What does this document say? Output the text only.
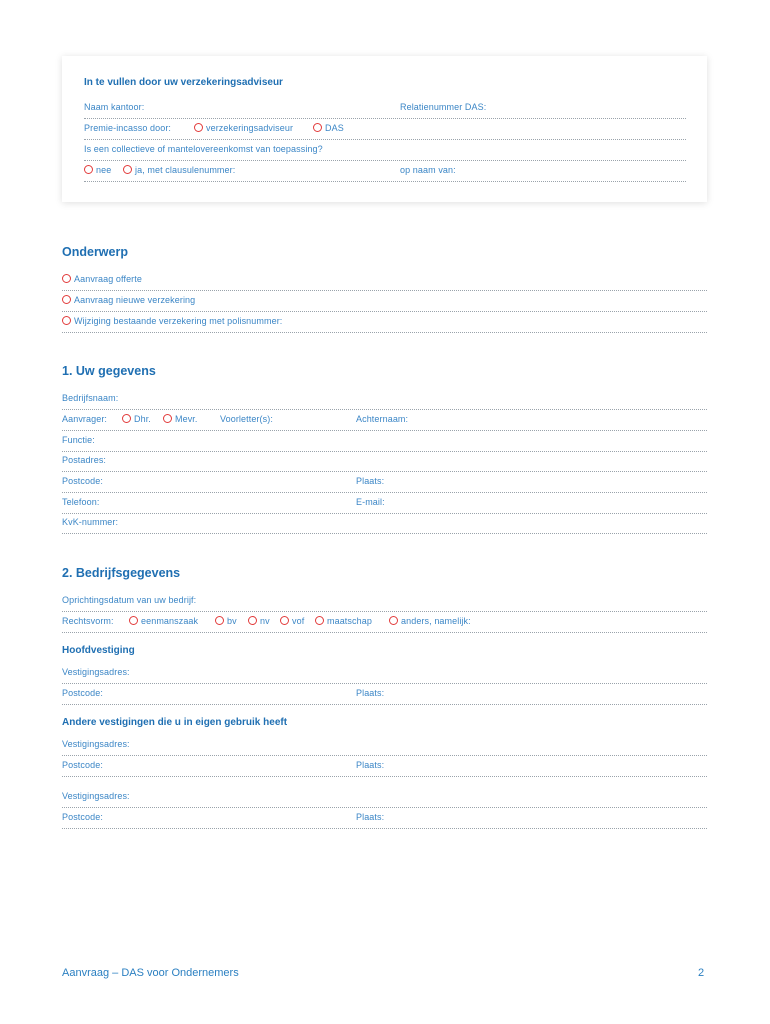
In te vullen door uw verzekeringsadviseur
Naam kantoor:	Relatienummer DAS:
Premie-incasso door:	verzekeringsadviseur	DAS
Is een collectieve of mantelovereenkomst van toepassing?
nee	ja, met clausulenummer:	op naam van:
Onderwerp
Aanvraag offerte
Aanvraag nieuwe verzekering
Wijziging bestaande verzekering met polisnummer:
1. Uw gegevens
Bedrijfsnaam:
Aanvrager:	Dhr.	Mevr. Voorletter(s):	Achternaam:
Functie:
Postadres:
Postcode:	Plaats:
Telefoon:	E-mail:
KvK-nummer:
2. Bedrijfsgegevens
Oprichtingsdatum van uw bedrijf:
Rechtsvorm:	eenmanszaak	bv	nv	vof	maatschap	anders, namelijk:
Hoofdvestiging
Vestigingsadres:
Postcode:	Plaats:
Andere vestigingen die u in eigen gebruik heeft
Vestigingsadres:
Postcode:	Plaats:
Vestigingsadres:
Postcode:	Plaats:
Aanvraag – DAS voor Ondernemers	2
